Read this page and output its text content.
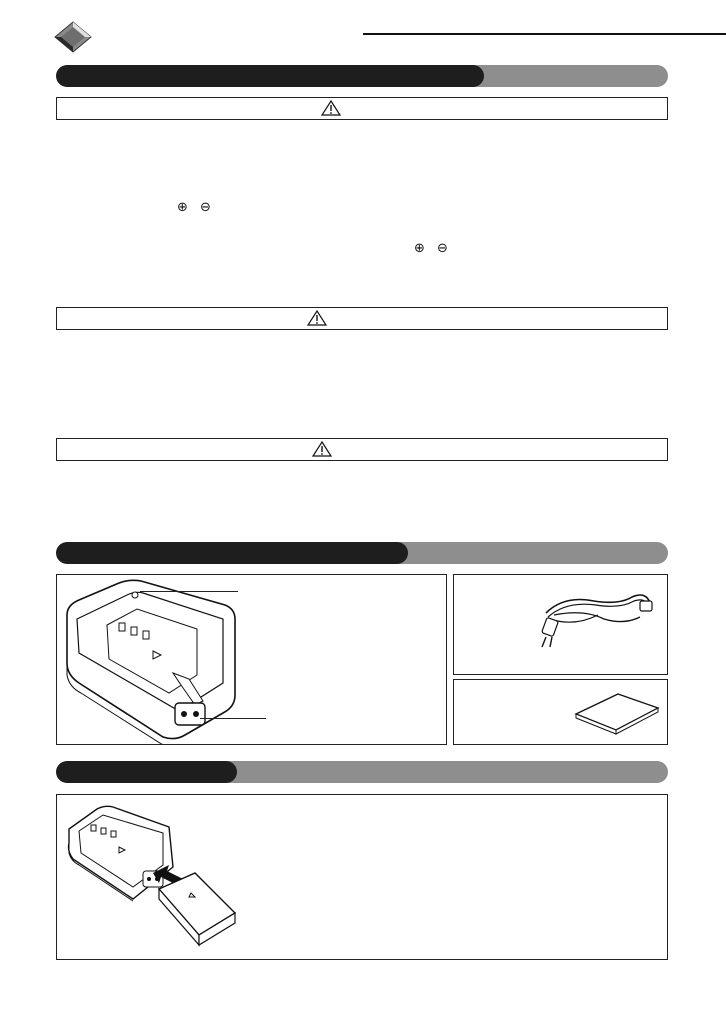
⊕ ⊖
⊕ ⊖
